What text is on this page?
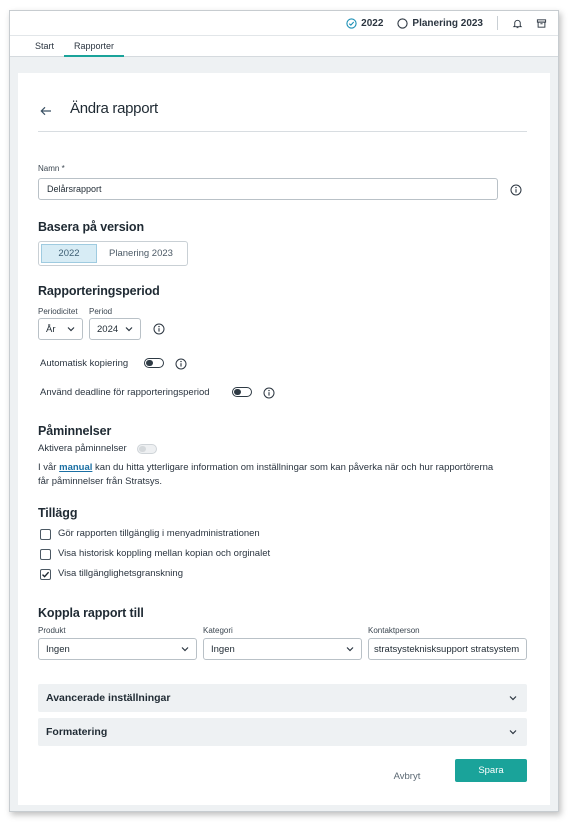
2022	Planering 2023
Start	Rapporter
Ändra rapport
Namn *
Delårsrapport
Basera på version
2022	Planering 2023
Rapporteringsperiod
Periodicitet Period
År	2024
Automatisk kopiering
Använd deadline för rapporteringsperiod
Påminnelser
Aktivera påminnelser
I vår manual kan du hitta ytterligare information om inställningar som kan påverka när och hur rapportörerna
får påminnelser från Stratsys.
Tillägg
Gör rapporten tillgänglig i menyadministrationen
Visa historisk koppling mellan kopian och orginalet
Visa tillgänglighetsgranskning
Koppla rapport till
Produkt	Kategori	Kontaktperson
Ingen	Ingen	stratsysteknisksupport stratsystem
Avancerade inställningar
Formatering
Avbryt	Spara
